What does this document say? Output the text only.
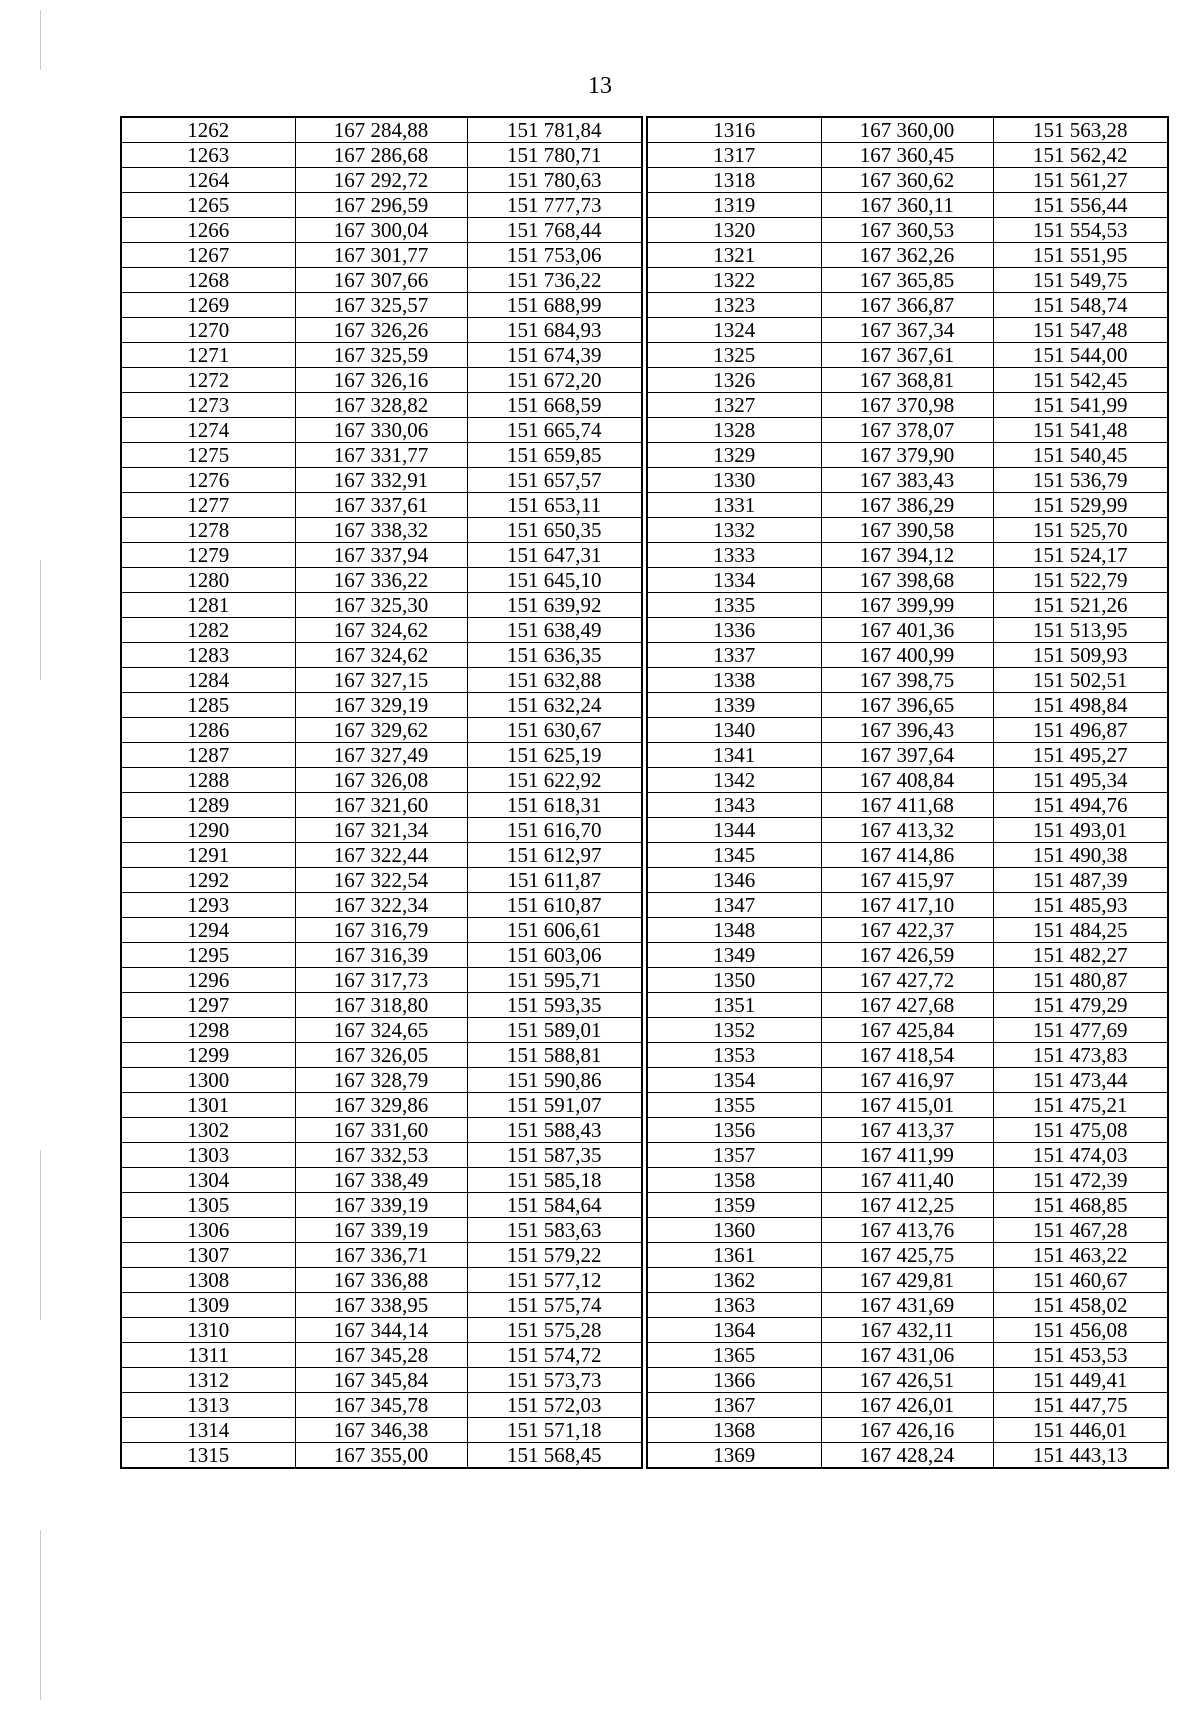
13
1262	167 284,88	151 781,84
1263	167 286,68	151 780,71
1264	167 292,72	151 780,63
1265	167 296,59	151 777,73
1266	167 300,04	151 768,44
1267	167 301,77	151 753,06
1268	167 307,66	151 736,22
1269	167 325,57	151 688,99
1270	167 326,26	151 684,93
1271	167 325,59	151 674,39
1272	167 326,16	151 672,20
1273	167 328,82	151 668,59
1274	167 330,06	151 665,74
1275	167 331,77	151 659,85
1276	167 332,91	151 657,57
1277	167 337,61	151 653,11
1278	167 338,32	151 650,35
1279	167 337,94	151 647,31
1280	167 336,22	151 645,10
1281	167 325,30	151 639,92
1282	167 324,62	151 638,49
1283	167 324,62	151 636,35
1284	167 327,15	151 632,88
1285	167 329,19	151 632,24
1286	167 329,62	151 630,67
1287	167 327,49	151 625,19
1288	167 326,08	151 622,92
1289	167 321,60	151 618,31
1290	167 321,34	151 616,70
1291	167 322,44	151 612,97
1292	167 322,54	151 611,87
1293	167 322,34	151 610,87
1294	167 316,79	151 606,61
1295	167 316,39	151 603,06
1296	167 317,73	151 595,71
1297	167 318,80	151 593,35
1298	167 324,65	151 589,01
1299	167 326,05	151 588,81
1300	167 328,79	151 590,86
1301	167 329,86	151 591,07
1302	167 331,60	151 588,43
1303	167 332,53	151 587,35
1304	167 338,49	151 585,18
1305	167 339,19	151 584,64
1306	167 339,19	151 583,63
1307	167 336,71	151 579,22
1308	167 336,88	151 577,12
1309	167 338,95	151 575,74
1310	167 344,14	151 575,28
1311	167 345,28	151 574,72
1312	167 345,84	151 573,73
1313	167 345,78	151 572,03
1314	167 346,38	151 571,18
1315	167 355,00	151 568,45
1316	167 360,00	151 563,28
1317	167 360,45	151 562,42
1318	167 360,62	151 561,27
1319	167 360,11	151 556,44
1320	167 360,53	151 554,53
1321	167 362,26	151 551,95
1322	167 365,85	151 549,75
1323	167 366,87	151 548,74
1324	167 367,34	151 547,48
1325	167 367,61	151 544,00
1326	167 368,81	151 542,45
1327	167 370,98	151 541,99
1328	167 378,07	151 541,48
1329	167 379,90	151 540,45
1330	167 383,43	151 536,79
1331	167 386,29	151 529,99
1332	167 390,58	151 525,70
1333	167 394,12	151 524,17
1334	167 398,68	151 522,79
1335	167 399,99	151 521,26
1336	167 401,36	151 513,95
1337	167 400,99	151 509,93
1338	167 398,75	151 502,51
1339	167 396,65	151 498,84
1340	167 396,43	151 496,87
1341	167 397,64	151 495,27
1342	167 408,84	151 495,34
1343	167 411,68	151 494,76
1344	167 413,32	151 493,01
1345	167 414,86	151 490,38
1346	167 415,97	151 487,39
1347	167 417,10	151 485,93
1348	167 422,37	151 484,25
1349	167 426,59	151 482,27
1350	167 427,72	151 480,87
1351	167 427,68	151 479,29
1352	167 425,84	151 477,69
1353	167 418,54	151 473,83
1354	167 416,97	151 473,44
1355	167 415,01	151 475,21
1356	167 413,37	151 475,08
1357	167 411,99	151 474,03
1358	167 411,40	151 472,39
1359	167 412,25	151 468,85
1360	167 413,76	151 467,28
1361	167 425,75	151 463,22
1362	167 429,81	151 460,67
1363	167 431,69	151 458,02
1364	167 432,11	151 456,08
1365	167 431,06	151 453,53
1366	167 426,51	151 449,41
1367	167 426,01	151 447,75
1368	167 426,16	151 446,01
1369	167 428,24	151 443,13
